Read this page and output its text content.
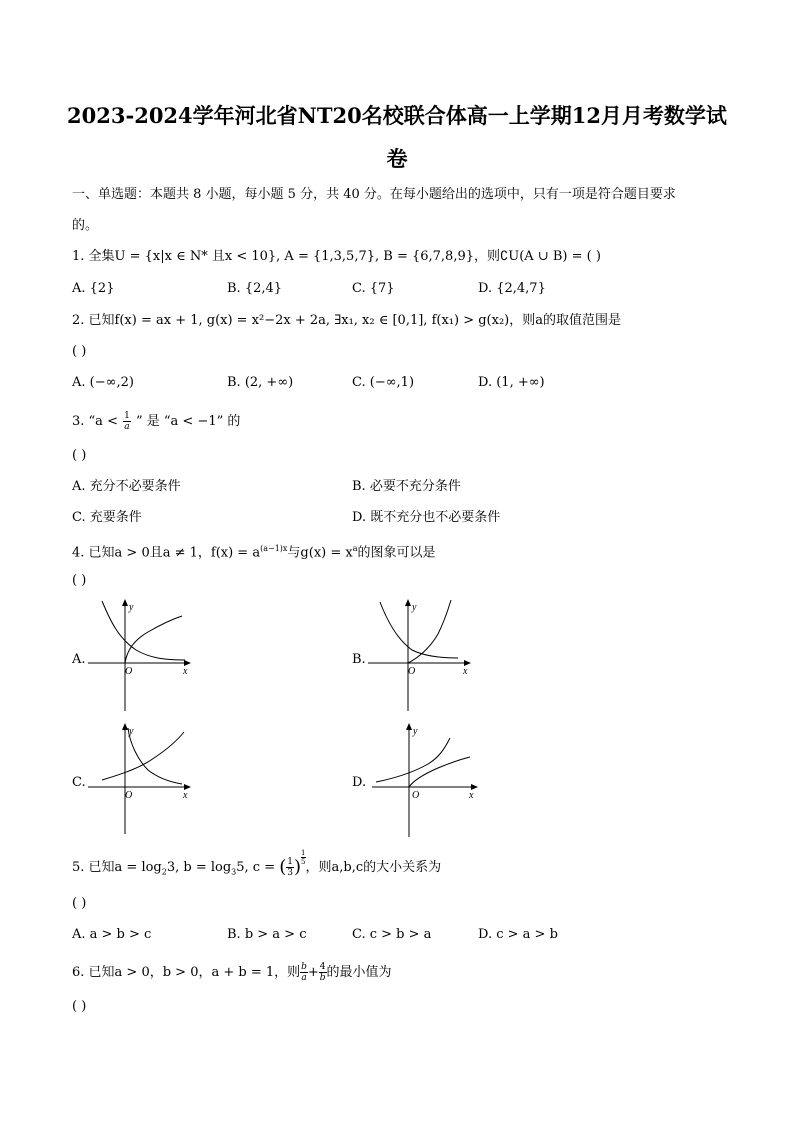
2023-2024学年河北省NT20名校联合体高一上学期12月月考数学试
卷
一、单选题：本题共 8 小题，每小题 5 分，共 40 分。在每小题给出的选项中，只有一项是符合题目要求
的。
1. 全集U = {x|x ∈ N* 且x < 10}, A = {1,3,5,7}, B = {6,7,8,9}，则∁U(A ∪ B) = ( )
A. {2}	B. {2,4}	C. {7}	D. {2,4,7}
2. 已知f(x) = ax + 1, g(x) = x²−2x + 2a, ∃x₁, x₂ ∈ [0,1], f(x₁) > g(x₂)，则a的取值范围是
( )
A. (−∞,2)	B. (2, +∞)	C. (−∞,1)	D. (1, +∞)
3. “$a < \frac{1}{a}$ ” 是 “a < −1” 的
( )
A. 充分不必要条件	B. 必要不充分条件
C. 充要条件	D. 既不充分也不必要条件
4. 已知a > 0且a ≠ 1，$f(x) = a^{(a-1)x}$与$g(x) = x^a$的图象可以是
( )
A.	B.
C.	D.
y
x
O
y
x
O
y
x
O
y
x
O
5. 已知$a = \log_23$, $b = \log_35$, c = ( $\frac{1}{3}$ ) $\frac{1}{5}$
，则a,b,c的大小关系为
( )
A. a > b > c	B. b > a > c	C. c > b > a	D. c > a > b
6. 已知a > 0，b > 0，a + b = 1，则 $\frac{b}{a} + \frac{4}{b}$ 的最小值为
( )
